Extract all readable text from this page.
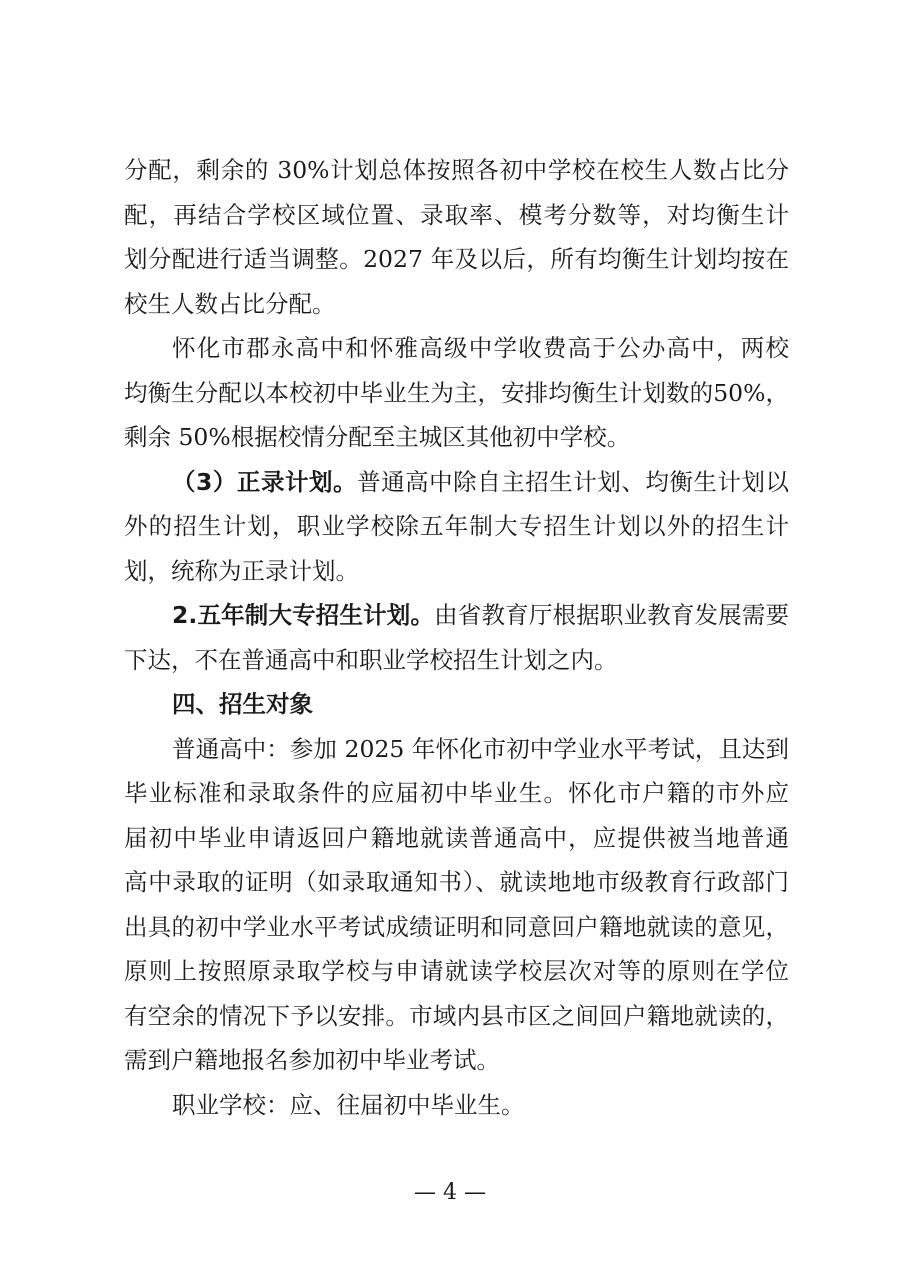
分配，剩余的 30%计划总体按照各初中学校在校生人数占比分
配，再结合学校区域位置、录取率、模考分数等，对均衡生计
划分配进行适当调整。2027 年及以后，所有均衡生计划均按在
校生人数占比分配。
怀化市郡永高中和怀雅高级中学收费高于公办高中，两校
均衡生分配以本校初中毕业生为主，安排均衡生计划数的50%，
剩余 50%根据校情分配至主城区其他初中学校。
（3）正录计划。普通高中除自主招生计划、均衡生计划以
外的招生计划，职业学校除五年制大专招生计划以外的招生计
划，统称为正录计划。
2.五年制大专招生计划。由省教育厅根据职业教育发展需要
下达，不在普通高中和职业学校招生计划之内。
四、招生对象
普通高中：参加 2025 年怀化市初中学业水平考试，且达到
毕业标准和录取条件的应届初中毕业生。怀化市户籍的市外应
届初中毕业申请返回户籍地就读普通高中，应提供被当地普通
高中录取的证明（如录取通知书）、就读地地市级教育行政部门
出具的初中学业水平考试成绩证明和同意回户籍地就读的意见，
原则上按照原录取学校与申请就读学校层次对等的原则在学位
有空余的情况下予以安排。市域内县市区之间回户籍地就读的，
需到户籍地报名参加初中毕业考试。
职业学校：应、往届初中毕业生。
— 4 —
